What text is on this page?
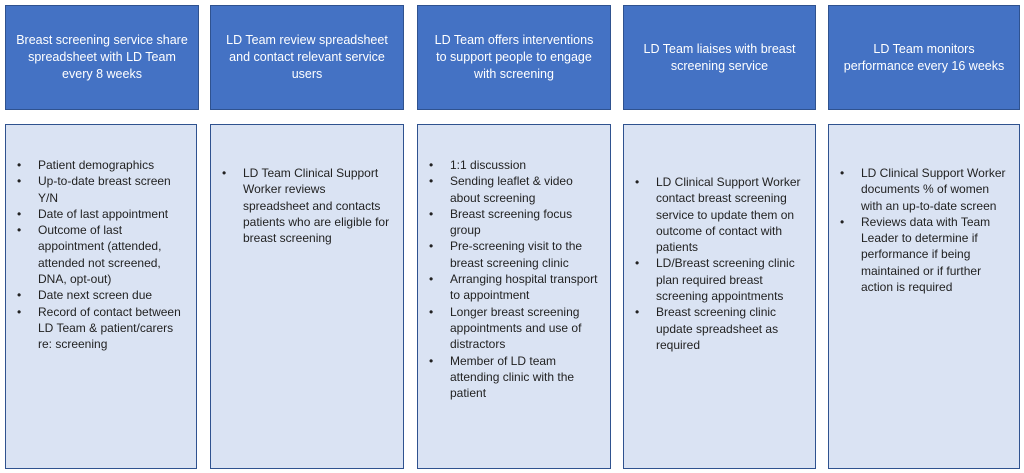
Breast screening service share spreadsheet with LD Team every 8 weeks
• Patient demographics
• Up-to-date breast screen Y/N
• Date of last appointment
• Outcome of last appointment (attended, attended not screened, DNA, opt-out)
• Date next screen due
• Record of contact between LD Team & patient/carers re: screening
LD Team review spreadsheet and contact relevant service users
• LD Team Clinical Support Worker reviews spreadsheet and contacts patients who are eligible for breast screening
LD Team offers interventions to support people to engage with screening
• 1:1 discussion
• Sending leaflet & video about screening
• Breast screening focus group
• Pre-screening visit to the breast screening clinic
• Arranging hospital transport to appointment
• Longer breast screening appointments and use of distractors
• Member of LD team attending clinic with the patient
LD Team liaises with breast screening service
• LD Clinical Support Worker contact breast screening service to update them on outcome of contact with patients
• LD/Breast screening clinic plan required breast screening appointments
• Breast screening clinic update spreadsheet as required
LD Team monitors performance every 16 weeks
• LD Clinical Support Worker documents % of women with an up-to-date screen
• Reviews data with Team Leader to determine if performance if being maintained or if further action is required
